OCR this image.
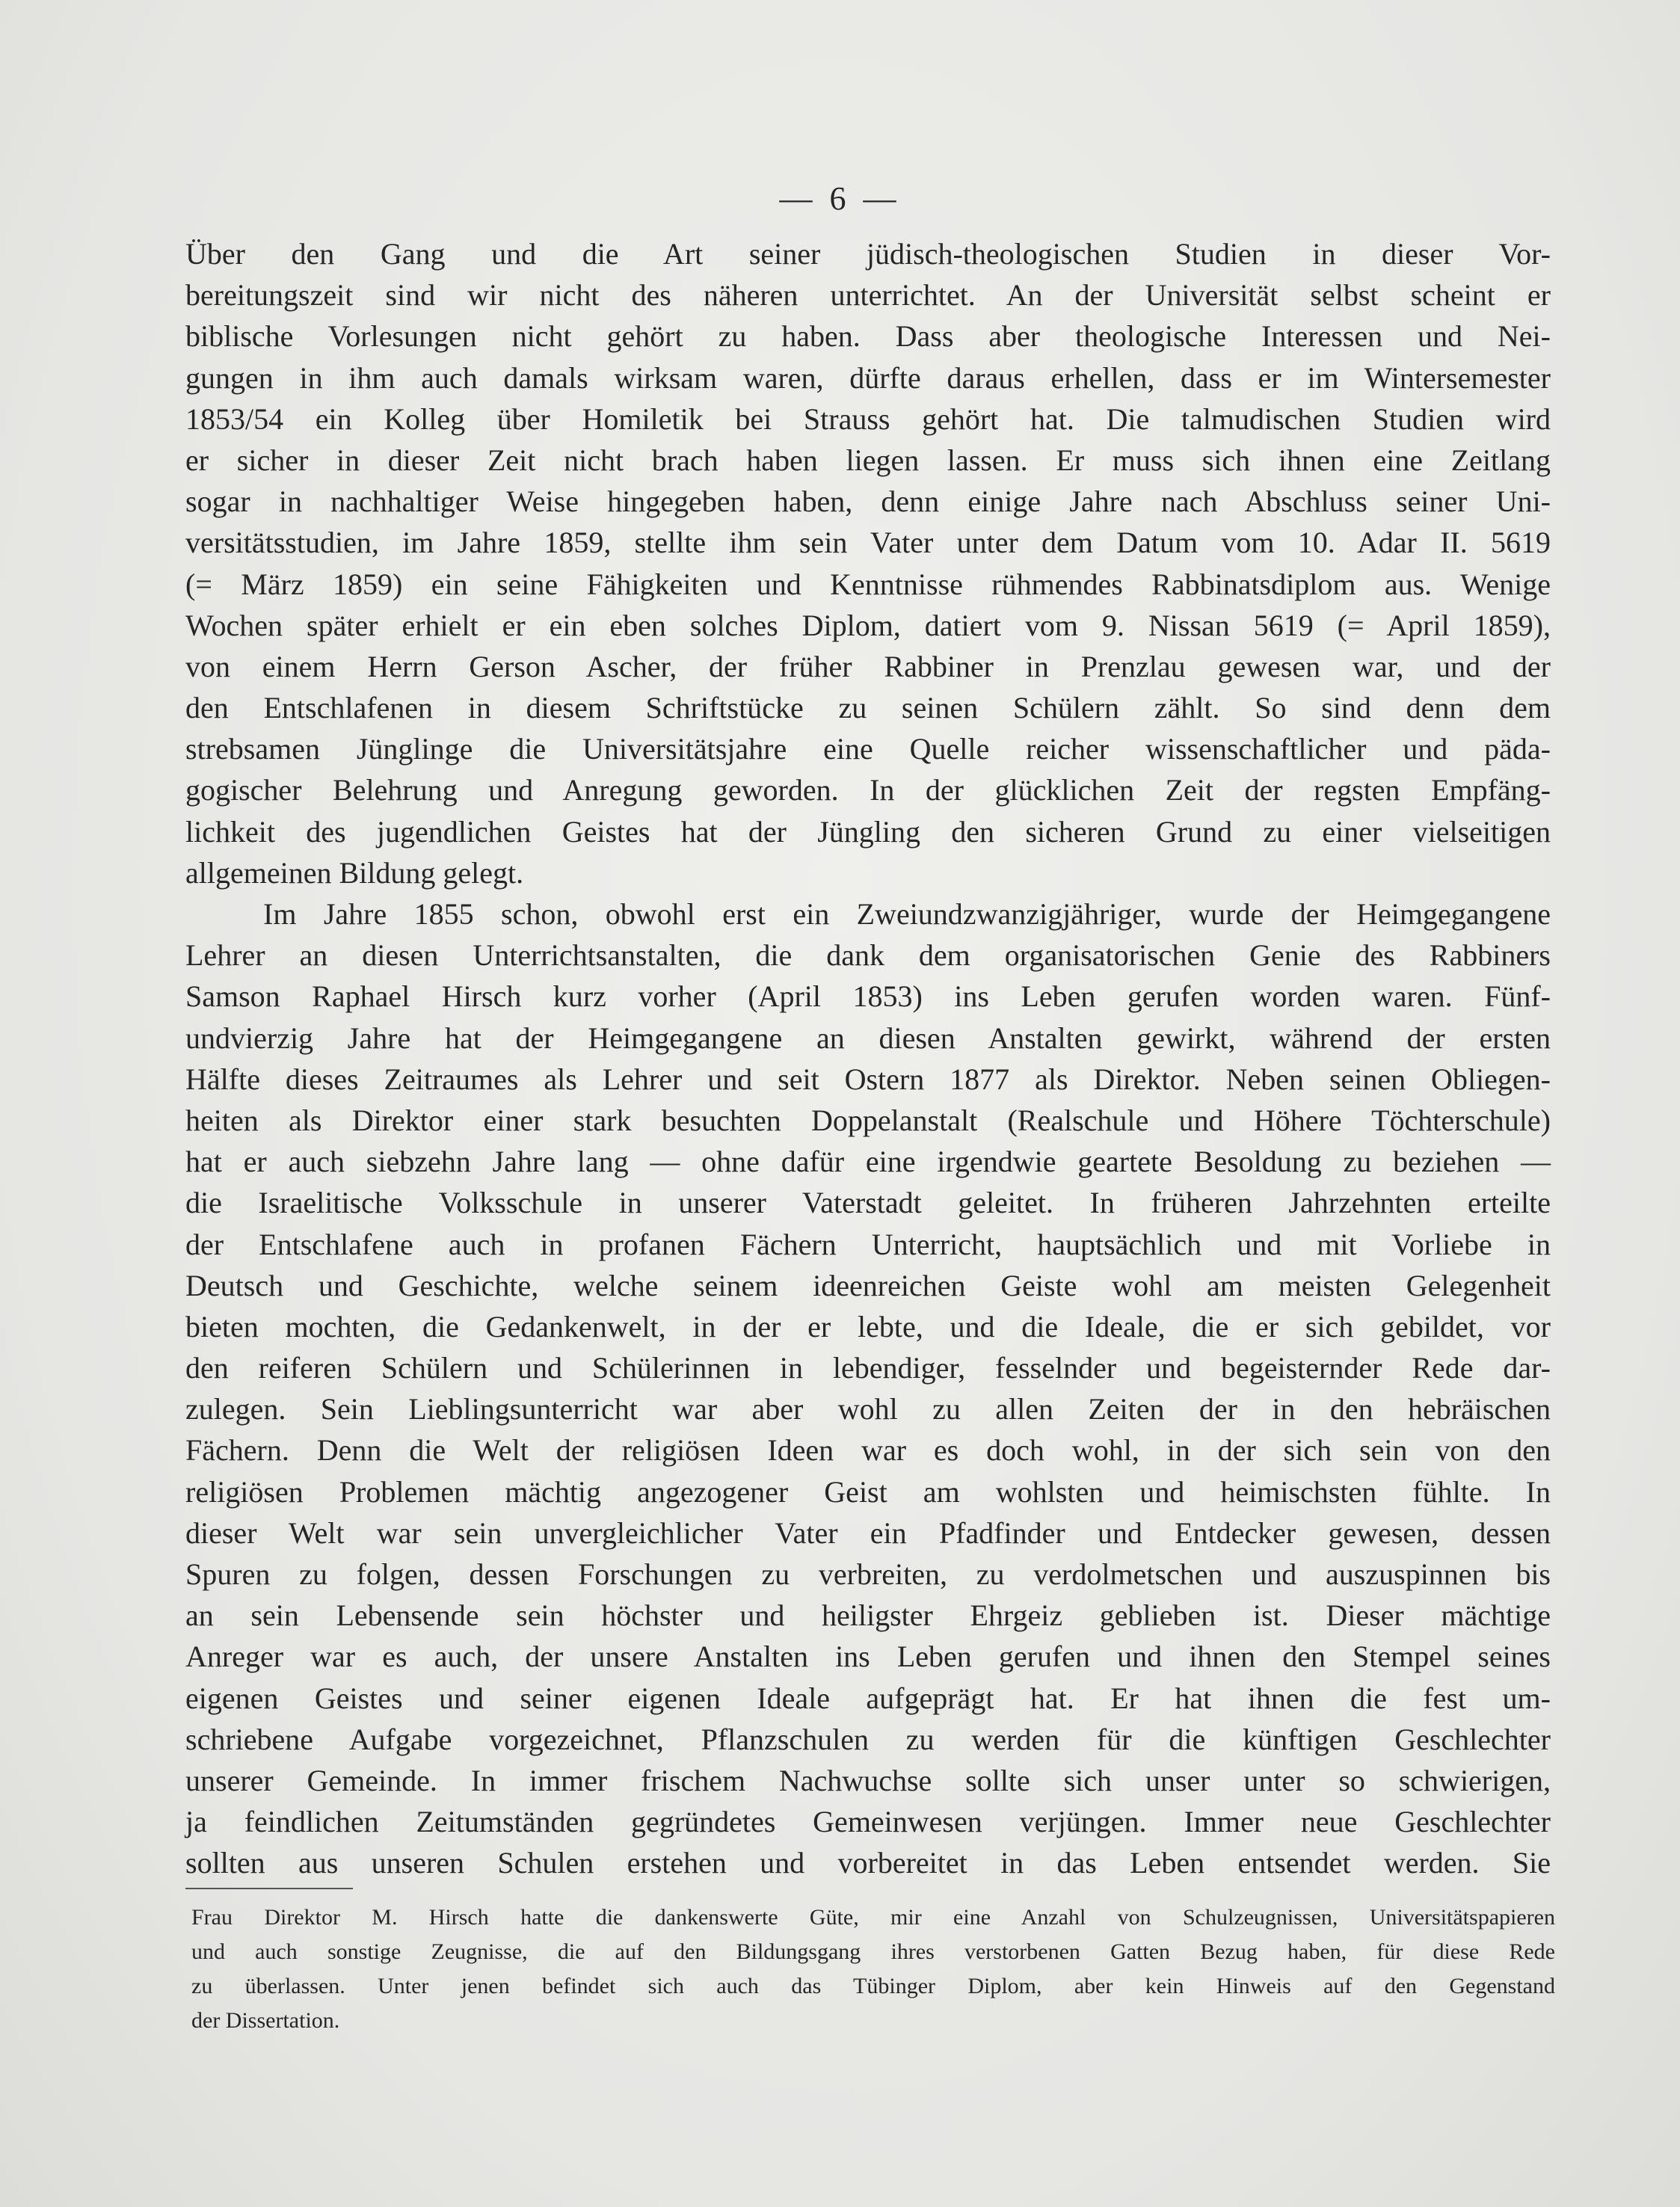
— 6 —
Über den Gang und die Art seiner jüdisch-theologischen Studien in dieser Vor-
bereitungszeit sind wir nicht des näheren unterrichtet. An der Universität selbst scheint er
biblische Vorlesungen nicht gehört zu haben. Dass aber theologische Interessen und Nei-
gungen in ihm auch damals wirksam waren, dürfte daraus erhellen, dass er im Wintersemester
1853/54 ein Kolleg über Homiletik bei Strauss gehört hat. Die talmudischen Studien wird
er sicher in dieser Zeit nicht brach haben liegen lassen. Er muss sich ihnen eine Zeitlang
sogar in nachhaltiger Weise hingegeben haben, denn einige Jahre nach Abschluss seiner Uni-
versitätsstudien, im Jahre 1859, stellte ihm sein Vater unter dem Datum vom 10. Adar II. 5619
(= März 1859) ein seine Fähigkeiten und Kenntnisse rühmendes Rabbinatsdiplom aus. Wenige
Wochen später erhielt er ein eben solches Diplom, datiert vom 9. Nissan 5619 (= April 1859),
von einem Herrn Gerson Ascher, der früher Rabbiner in Prenzlau gewesen war, und der
den Entschlafenen in diesem Schriftstücke zu seinen Schülern zählt. So sind denn dem
strebsamen Jünglinge die Universitätsjahre eine Quelle reicher wissenschaftlicher und päda-
gogischer Belehrung und Anregung geworden. In der glücklichen Zeit der regsten Empfäng-
lichkeit des jugendlichen Geistes hat der Jüngling den sicheren Grund zu einer vielseitigen
allgemeinen Bildung gelegt.
Im Jahre 1855 schon, obwohl erst ein Zweiundzwanzigjähriger, wurde der Heimgegangene
Lehrer an diesen Unterrichtsanstalten, die dank dem organisatorischen Genie des Rabbiners
Samson Raphael Hirsch kurz vorher (April 1853) ins Leben gerufen worden waren. Fünf-
undvierzig Jahre hat der Heimgegangene an diesen Anstalten gewirkt, während der ersten
Hälfte dieses Zeitraumes als Lehrer und seit Ostern 1877 als Direktor. Neben seinen Obliegen-
heiten als Direktor einer stark besuchten Doppelanstalt (Realschule und Höhere Töchterschule)
hat er auch siebzehn Jahre lang — ohne dafür eine irgendwie geartete Besoldung zu beziehen —
die Israelitische Volksschule in unserer Vaterstadt geleitet. In früheren Jahrzehnten erteilte
der Entschlafene auch in profanen Fächern Unterricht, hauptsächlich und mit Vorliebe in
Deutsch und Geschichte, welche seinem ideenreichen Geiste wohl am meisten Gelegenheit
bieten mochten, die Gedankenwelt, in der er lebte, und die Ideale, die er sich gebildet, vor
den reiferen Schülern und Schülerinnen in lebendiger, fesselnder und begeisternder Rede dar-
zulegen. Sein Lieblingsunterricht war aber wohl zu allen Zeiten der in den hebräischen
Fächern. Denn die Welt der religiösen Ideen war es doch wohl, in der sich sein von den
religiösen Problemen mächtig angezogener Geist am wohlsten und heimischsten fühlte. In
dieser Welt war sein unvergleichlicher Vater ein Pfadfinder und Entdecker gewesen, dessen
Spuren zu folgen, dessen Forschungen zu verbreiten, zu verdolmetschen und auszuspinnen bis
an sein Lebensende sein höchster und heiligster Ehrgeiz geblieben ist. Dieser mächtige
Anreger war es auch, der unsere Anstalten ins Leben gerufen und ihnen den Stempel seines
eigenen Geistes und seiner eigenen Ideale aufgeprägt hat. Er hat ihnen die fest um-
schriebene Aufgabe vorgezeichnet, Pflanzschulen zu werden für die künftigen Geschlechter
unserer Gemeinde. In immer frischem Nachwuchse sollte sich unser unter so schwierigen,
ja feindlichen Zeitumständen gegründetes Gemeinwesen verjüngen. Immer neue Geschlechter
sollten aus unseren Schulen erstehen und vorbereitet in das Leben entsendet werden. Sie
Frau Direktor M. Hirsch hatte die dankenswerte Güte, mir eine Anzahl von Schulzeugnissen, Universitätspapieren
und auch sonstige Zeugnisse, die auf den Bildungsgang ihres verstorbenen Gatten Bezug haben, für diese Rede
zu überlassen. Unter jenen befindet sich auch das Tübinger Diplom, aber kein Hinweis auf den Gegenstand
der Dissertation.
